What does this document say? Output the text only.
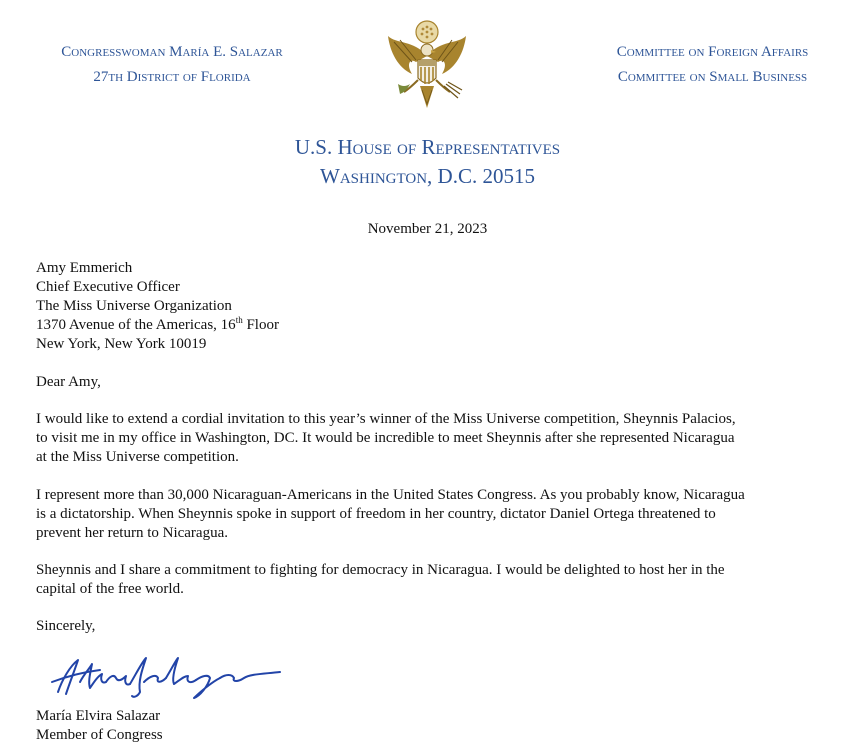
Congresswoman María E. Salazar
27th District of Florida
Committee on Foreign Affairs
Committee on Small Business
U.S. House of Representatives
Washington, D.C. 20515
November 21, 2023
Amy Emmerich
Chief Executive Officer
The Miss Universe Organization
1370 Avenue of the Americas, 16th Floor
New York, New York 10019
Dear Amy,
I would like to extend a cordial invitation to this year’s winner of the Miss Universe competition, Sheynnis Palacios,
to visit me in my office in Washington, DC. It would be incredible to meet Sheynnis after she represented Nicaragua
at the Miss Universe competition.
I represent more than 30,000 Nicaraguan-Americans in the United States Congress. As you probably know, Nicaragua
is a dictatorship. When Sheynnis spoke in support of freedom in her country, dictator Daniel Ortega threatened to
prevent her return to Nicaragua.
Sheynnis and I share a commitment to fighting for democracy in Nicaragua. I would be delighted to host her in the
capital of the free world.
Sincerely,
María Elvira Salazar
Member of Congress
